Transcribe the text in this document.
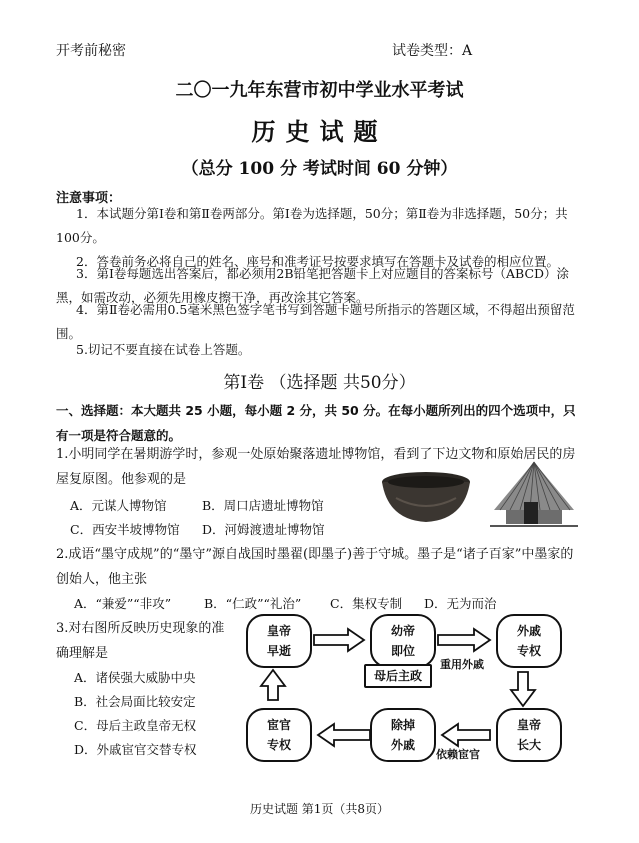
开考前秘密	试卷类型：A
二〇一九年东营市初中学业水平考试
历史试题
（总分 100 分 考试时间 60 分钟）
注意事项：
1．本试题分第Ⅰ卷和第Ⅱ卷两部分。第Ⅰ卷为选择题，50分；第Ⅱ卷为非选择题，50分；共100分。
2．答卷前务必将自己的姓名、座号和准考证号按要求填写在答题卡及试卷的相应位置。
3．第Ⅰ卷每题选出答案后，都必须用2B铅笔把答题卡上对应题目的答案标号（ABCD）涂黑，如需改动，必须先用橡皮擦干净，再改涂其它答案。
4．第Ⅱ卷必需用0.5毫米黑色签字笔书写到答题卡题号所指示的答题区域，不得超出预留范围。
5.切记不要直接在试卷上答题。
第Ⅰ卷 （选择题 共50分）
一、选择题：本大题共 25 小题，每小题 2 分，共 50 分。在每小题所列出的四个选项中，只有一项是符合题意的。
1.小明同学在暑期游学时，参观一处原始聚落遗址博物馆，看到了下边文物和原始居民的房屋复原图。他参观的是
A．元谋人博物馆	B．周口店遗址博物馆
C．西安半坡博物馆 D．河姆渡遗址博物馆
2.成语“墨守成规”的“墨守”源自战国时墨翟(即墨子)善于守城。墨子是“诸子百家”中墨家的创始人，他主张
A．“兼爱”“非攻”	B．“仁政”“礼治” C．集权专制 D．无为而治
3.对右图所反映历史现象的准确理解是
A．诸侯强大威胁中央
B．社会局面比较安定
C．母后主政皇帝无权
D．外戚宦官交替专权
皇帝早逝
幼帝即位
外戚专权
母后主政
皇帝长大
除掉外戚
宦官专权
重用外戚
依赖宦官
历史试题 第1页（共8页）
